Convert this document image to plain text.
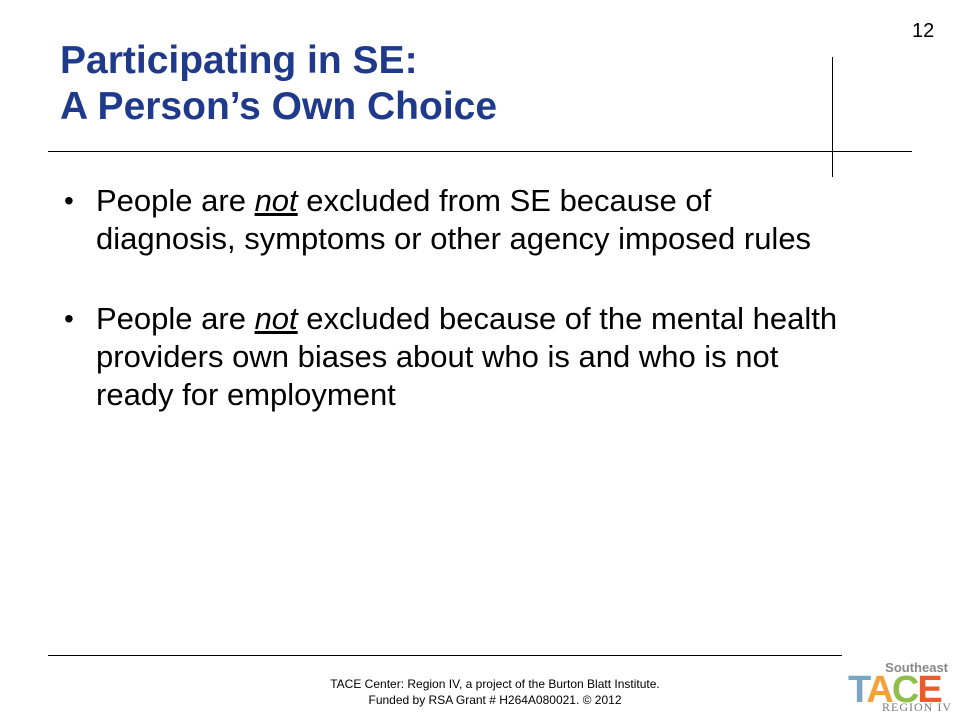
12
Participating in SE:
A Person’s Own Choice
• People are not excluded from SE because of diagnosis, symptoms or other agency imposed rules
• People are not excluded because of the mental health providers own biases about who is and who is not ready for employment
TACE Center: Region IV, a project of the Burton Blatt Institute.
Funded by RSA Grant # H264A080021. © 2012
Southeast
TACE
REGION IV
